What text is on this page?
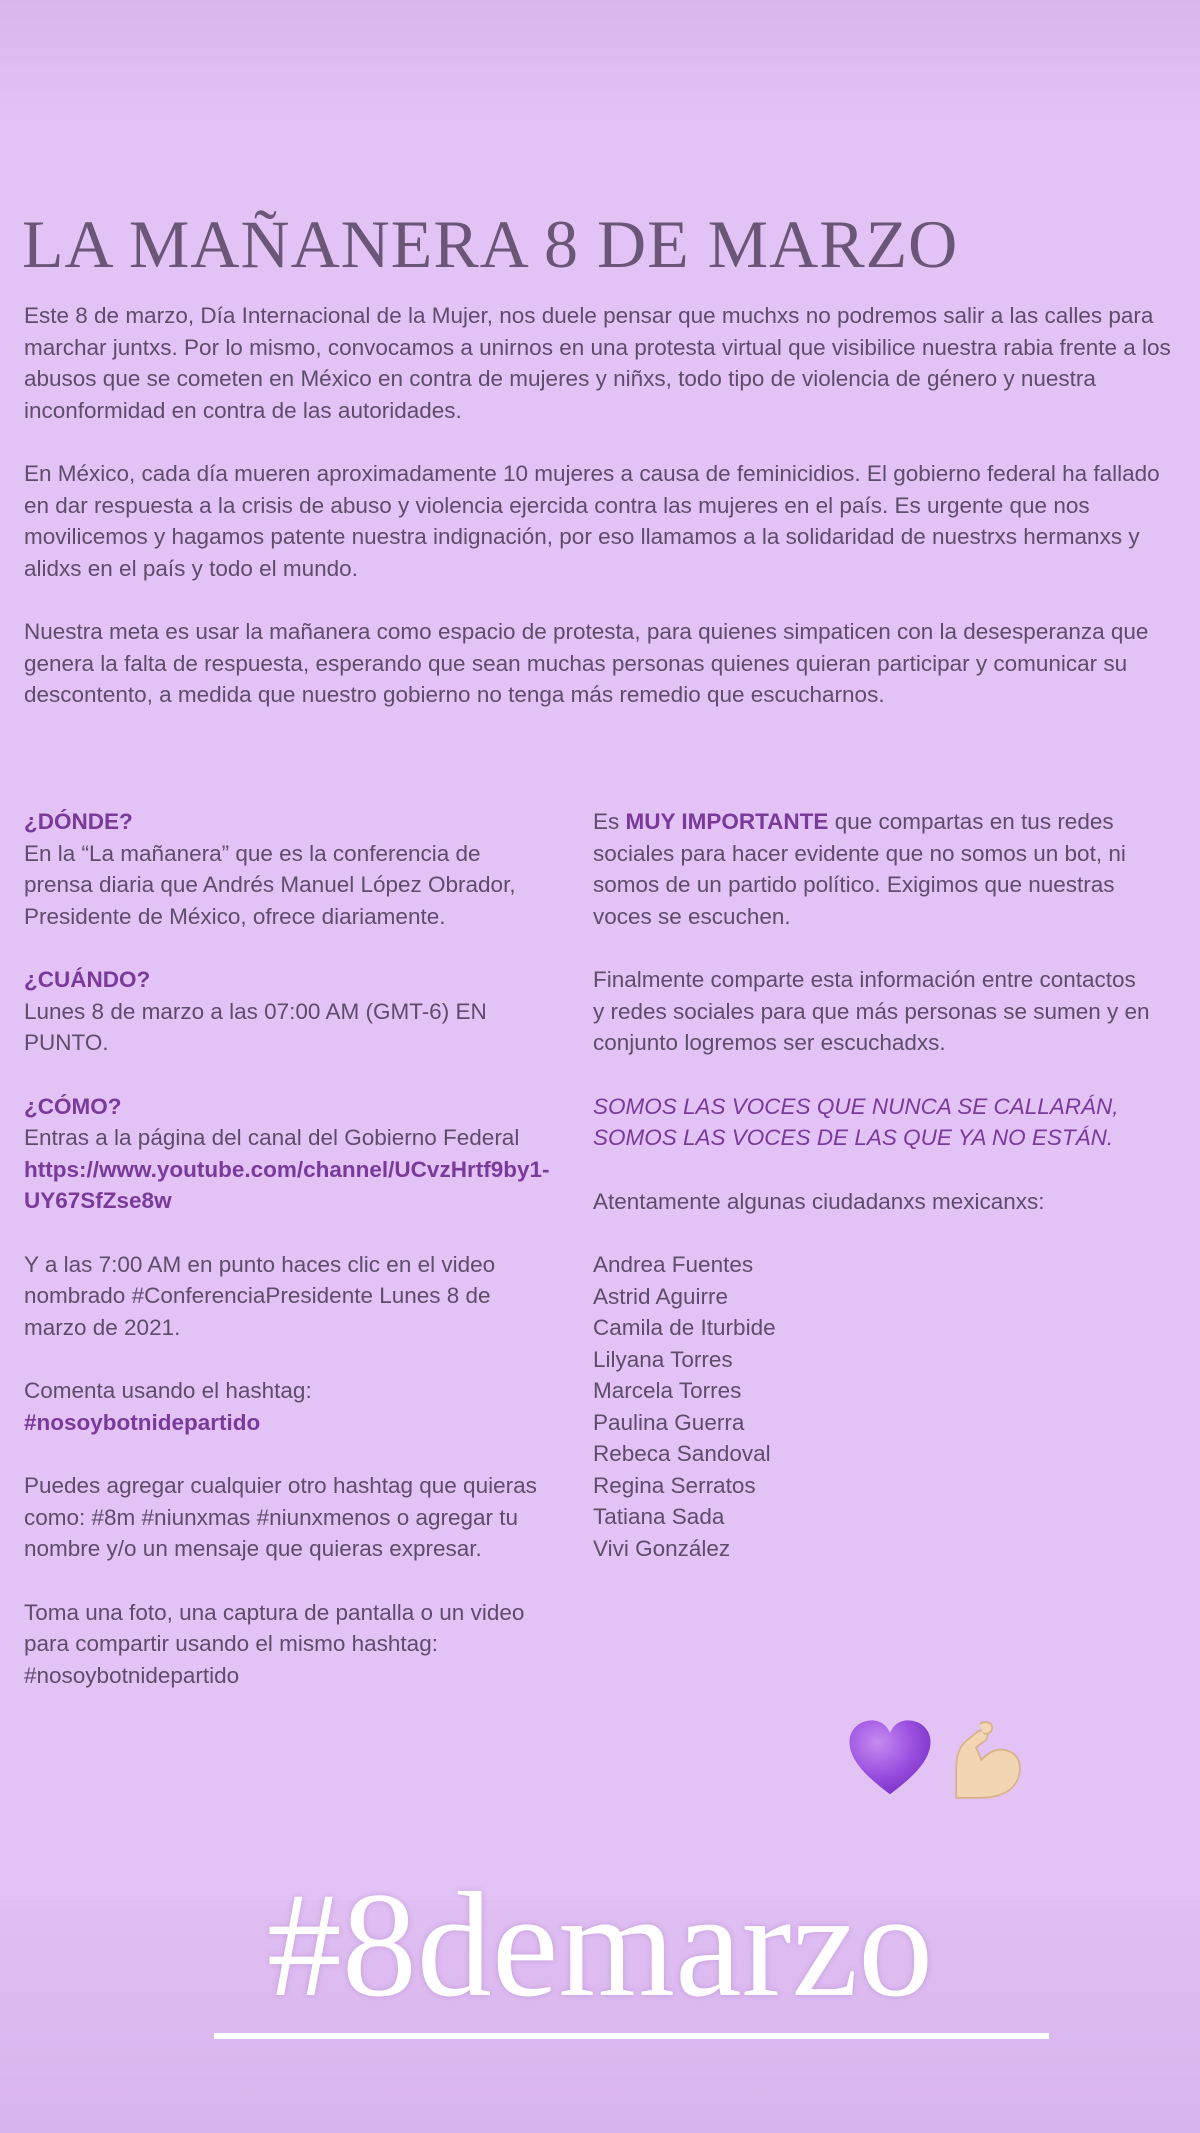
LA MAÑANERA 8 DE MARZO

Este 8 de marzo, Día Internacional de la Mujer, nos duele pensar que muchxs no podremos salir a las calles para marchar juntxs. Por lo mismo, convocamos a unirnos en una protesta virtual que visibilice nuestra rabia frente a los abusos que se cometen en México en contra de mujeres y niñxs, todo tipo de violencia de género y nuestra inconformidad en contra de las autoridades.

En México, cada día mueren aproximadamente 10 mujeres a causa de feminicidios. El gobierno federal ha fallado en dar respuesta a la crisis de abuso y violencia ejercida contra las mujeres en el país. Es urgente que nos movilicemos y hagamos patente nuestra indignación, por eso llamamos a la solidaridad de nuestrxs hermanxs y alidxs en el país y todo el mundo.

Nuestra meta es usar la mañanera como espacio de protesta, para quienes simpaticen con la desesperanza que genera la falta de respuesta, esperando que sean muchas personas quienes quieran participar y comunicar su descontento, a medida que nuestro gobierno no tenga más remedio que escucharnos.

¿DÓNDE?
En la “La mañanera” que es la conferencia de prensa diaria que Andrés Manuel López Obrador, Presidente de México, ofrece diariamente.

¿CUÁNDO?
Lunes 8 de marzo a las 07:00 AM (GMT-6) EN PUNTO.

¿CÓMO?
Entras a la página del canal del Gobierno Federal
https://www.youtube.com/channel/UCvzHrtf9by1-UY67SfZse8w

Y a las 7:00 AM en punto haces clic en el video nombrado #ConferenciaPresidente Lunes 8 de marzo de 2021.

Comenta usando el hashtag:
#nosoybotnidepartido

Puedes agregar cualquier otro hashtag que quieras como: #8m #niunxmas #niunxmenos o agregar tu nombre y/o un mensaje que quieras expresar.

Toma una foto, una captura de pantalla o un video para compartir usando el mismo hashtag: #nosoybotnidepartido

Es MUY IMPORTANTE que compartas en tus redes sociales para hacer evidente que no somos un bot, ni somos de un partido político. Exigimos que nuestras voces se escuchen.

Finalmente comparte esta información entre contactos y redes sociales para que más personas se sumen y en conjunto logremos ser escuchadxs.

SOMOS LAS VOCES QUE NUNCA SE CALLARÁN, SOMOS LAS VOCES DE LAS QUE YA NO ESTÁN.

Atentamente algunas ciudadanxs mexicanxs:

Andrea Fuentes
Astrid Aguirre
Camila de Iturbide
Lilyana Torres
Marcela Torres
Paulina Guerra
Rebeca Sandoval
Regina Serratos
Tatiana Sada
Vivi González
#8demarzo
